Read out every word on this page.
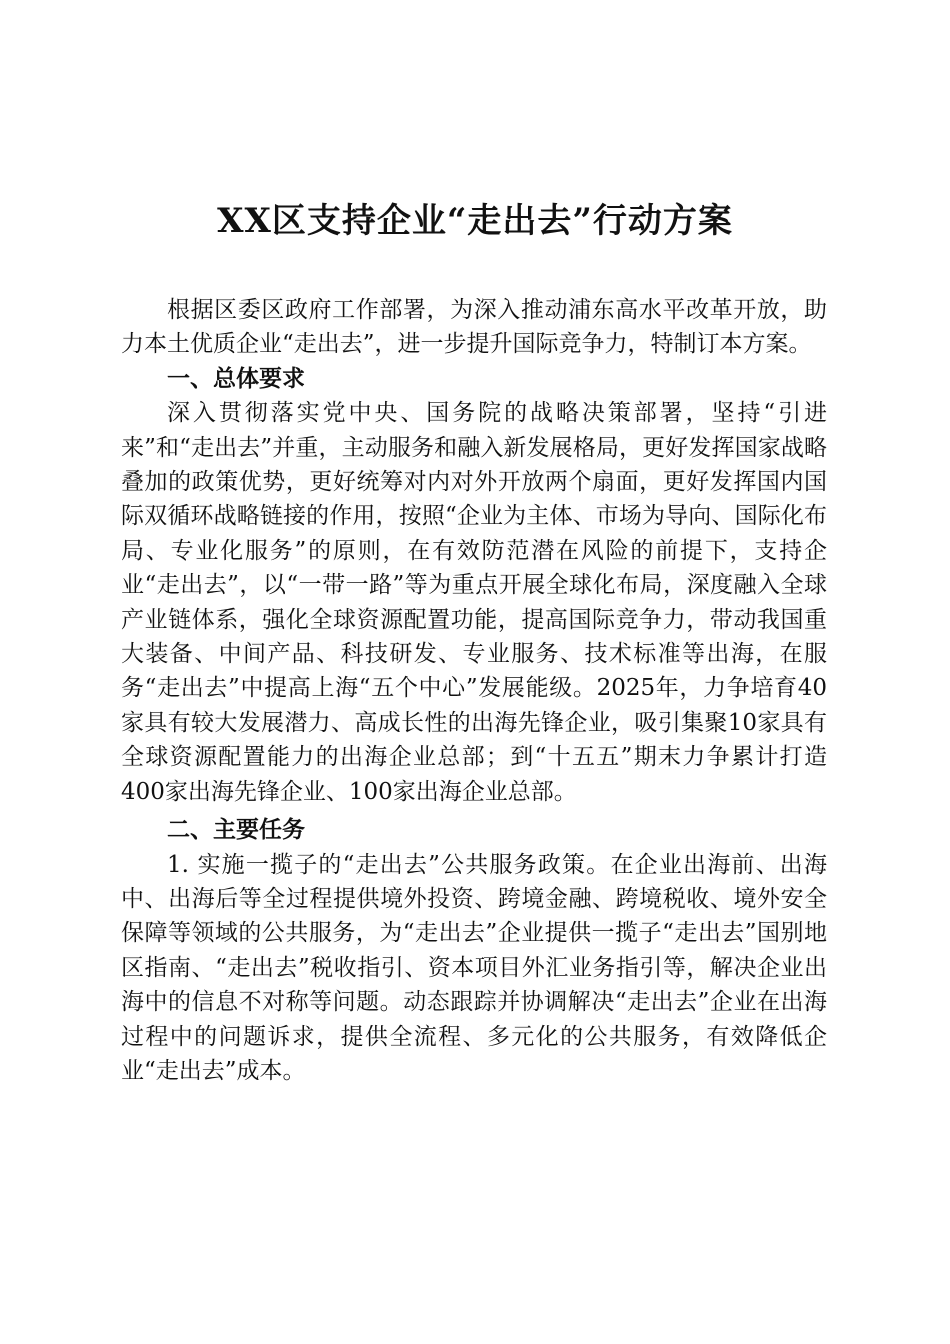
XX区支持企业“走出去”行动方案

根据区委区政府工作部署，为深入推动浦东高水平改革开放，助力本土优质企业“走出去”，进一步提升国际竞争力，特制订本方案。

一、总体要求

深入贯彻落实党中央、国务院的战略决策部署，坚持“引进来”和“走出去”并重，主动服务和融入新发展格局，更好发挥国家战略叠加的政策优势，更好统筹对内对外开放两个扇面，更好发挥国内国际双循环战略链接的作用，按照“企业为主体、市场为导向、国际化布局、专业化服务”的原则，在有效防范潜在风险的前提下，支持企业“走出去”，以“一带一路”等为重点开展全球化布局，深度融入全球产业链体系，强化全球资源配置功能，提高国际竞争力，带动我国重大装备、中间产品、科技研发、专业服务、技术标准等出海，在服务“走出去”中提高上海“五个中心”发展能级。2025年，力争培育40家具有较大发展潜力、高成长性的出海先锋企业，吸引集聚10家具有全球资源配置能力的出海企业总部；到“十五五”期末力争累计打造400家出海先锋企业、100家出海企业总部。

二、主要任务

1. 实施一揽子的“走出去”公共服务政策。在企业出海前、出海中、出海后等全过程提供境外投资、跨境金融、跨境税收、境外安全保障等领域的公共服务，为“走出去”企业提供一揽子“走出去”国别地区指南、“走出去”税收指引、资本项目外汇业务指引等，解决企业出海中的信息不对称等问题。动态跟踪并协调解决“走出去”企业在出海过程中的问题诉求，提供全流程、多元化的公共服务，有效降低企业“走出去”成本。
